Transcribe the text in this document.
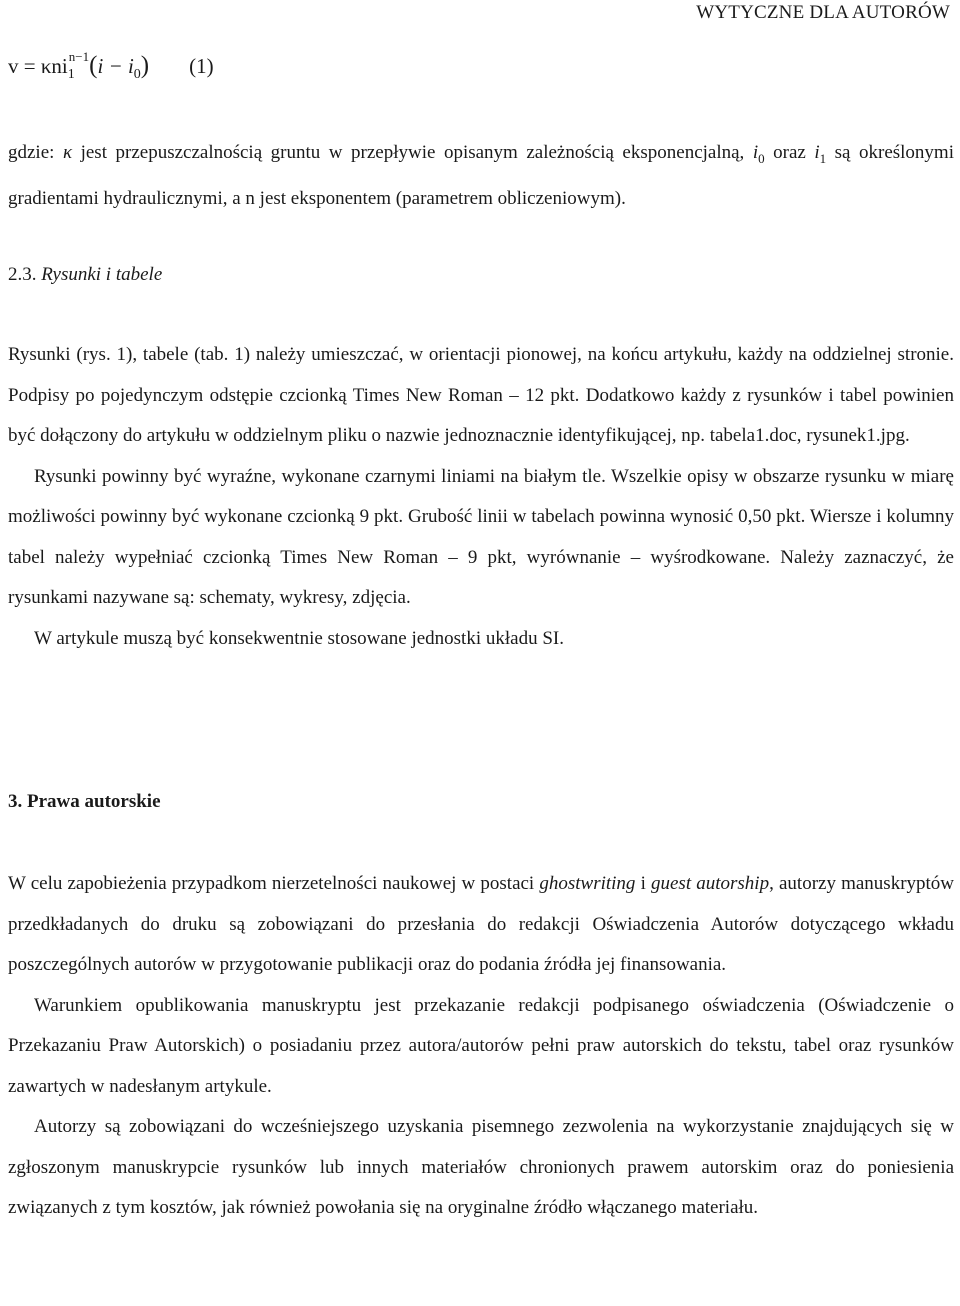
WYTYCZNE DLA AUTORÓW
$v = \kappa ni_1^{n-1}(i - i_0)$ (1)

gdzie: κ jest przepuszczalnością gruntu w przepływie opisanym zależnością eksponencjalną, $i_0$ oraz $i_1$ są określonymi gradientami hydraulicznymi, a n jest eksponentem (parametrem obliczeniowym).

2.3. Rysunki i tabele

Rysunki (rys. 1), tabele (tab. 1) należy umieszczać, w orientacji pionowej, na końcu artykułu, każdy na oddzielnej stronie. Podpisy po pojedynczym odstępie czcionką Times New Roman – 12 pkt. Dodatkowo każdy z rysunków i tabel powinien być dołączony do artykułu w oddzielnym pliku o nazwie jednoznacznie identyfikującej, np. tabela1.doc, rysunek1.jpg.

Rysunki powinny być wyraźne, wykonane czarnymi liniami na białym tle. Wszelkie opisy w obszarze rysunku w miarę możliwości powinny być wykonane czcionką 9 pkt. Grubość linii w tabelach powinna wynosić 0,50 pkt. Wiersze i kolumny tabel należy wypełniać czcionką Times New Roman – 9 pkt, wyrównanie – wyśrodkowane. Należy zaznaczyć, że rysunkami nazywane są: schematy, wykresy, zdjęcia.

W artykule muszą być konsekwentnie stosowane jednostki układu SI.

3. Prawa autorskie

W celu zapobieżenia przypadkom nierzetelności naukowej w postaci ghostwriting i guest autorship, autorzy manuskryptów przedkładanych do druku są zobowiązani do przesłania do redakcji Oświadczenia Autorów dotyczącego wkładu poszczególnych autorów w przygotowanie publikacji oraz do podania źródła jej finansowania.

Warunkiem opublikowania manuskryptu jest przekazanie redakcji podpisanego oświadczenia (Oświadczenie o Przekazaniu Praw Autorskich) o posiadaniu przez autora/autorów pełni praw autorskich do tekstu, tabel oraz rysunków zawartych w nadesłanym artykule.

Autorzy są zobowiązani do wcześniejszego uzyskania pisemnego zezwolenia na wykorzystanie znajdujących się w zgłoszonym manuskrypcie rysunków lub innych materiałów chronionych prawem autorskim oraz do poniesienia związanych z tym kosztów, jak również powołania się na oryginalne źródło włączanego materiału.
